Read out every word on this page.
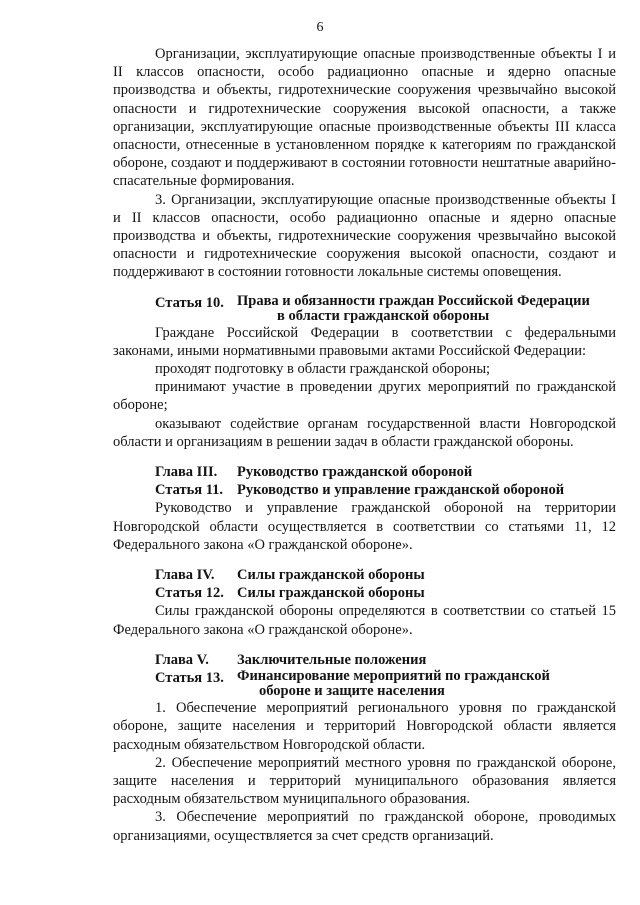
6

Организации, эксплуатирующие опасные производственные объекты I и II классов опасности, особо радиационно опасные и ядерно опасные производства и объекты, гидротехнические сооружения чрезвычайно высокой опасности и гидротехнические сооружения высокой опасности, а также организации, эксплуатирующие опасные производственные объекты III класса опасности, отнесенные в установленном порядке к категориям по гражданской обороне, создают и поддерживают в состоянии готовности нештатные аварийно-спасательные формирования.

3. Организации, эксплуатирующие опасные производственные объекты I и II классов опасности, особо радиационно опасные и ядерно опасные производства и объекты, гидротехнические сооружения чрезвычайно высокой опасности и гидротехнические сооружения высокой опасности, создают и поддерживают в состоянии готовности локальные системы оповещения.

Статья 10. Права и обязанности граждан Российской Федерации
в области гражданской обороны

Граждане Российской Федерации в соответствии с федеральными законами, иными нормативными правовыми актами Российской Федерации:

проходят подготовку в области гражданской обороны;

принимают участие в проведении других мероприятий по гражданской обороне;

оказывают содействие органам государственной власти Новгородской области и организациям в решении задач в области гражданской обороны.

Глава III. Руководство гражданской обороной
Статья 11. Руководство и управление гражданской обороной

Руководство и управление гражданской обороной на территории Новгородской области осуществляется в соответствии со статьями 11, 12 Федерального закона «О гражданской обороне».

Глава IV. Силы гражданской обороны
Статья 12. Силы гражданской обороны

Силы гражданской обороны определяются в соответствии со статьей 15 Федерального закона «О гражданской обороне».

Глава V. Заключительные положения
Статья 13. Финансирование мероприятий по гражданской
обороне и защите населения

1. Обеспечение мероприятий регионального уровня по гражданской обороне, защите населения и территорий Новгородской области является расходным обязательством Новгородской области.

2. Обеспечение мероприятий местного уровня по гражданской обороне, защите населения и территорий муниципального образования является расходным обязательством муниципального образования.

3. Обеспечение мероприятий по гражданской обороне, проводимых организациями, осуществляется за счет средств организаций.
